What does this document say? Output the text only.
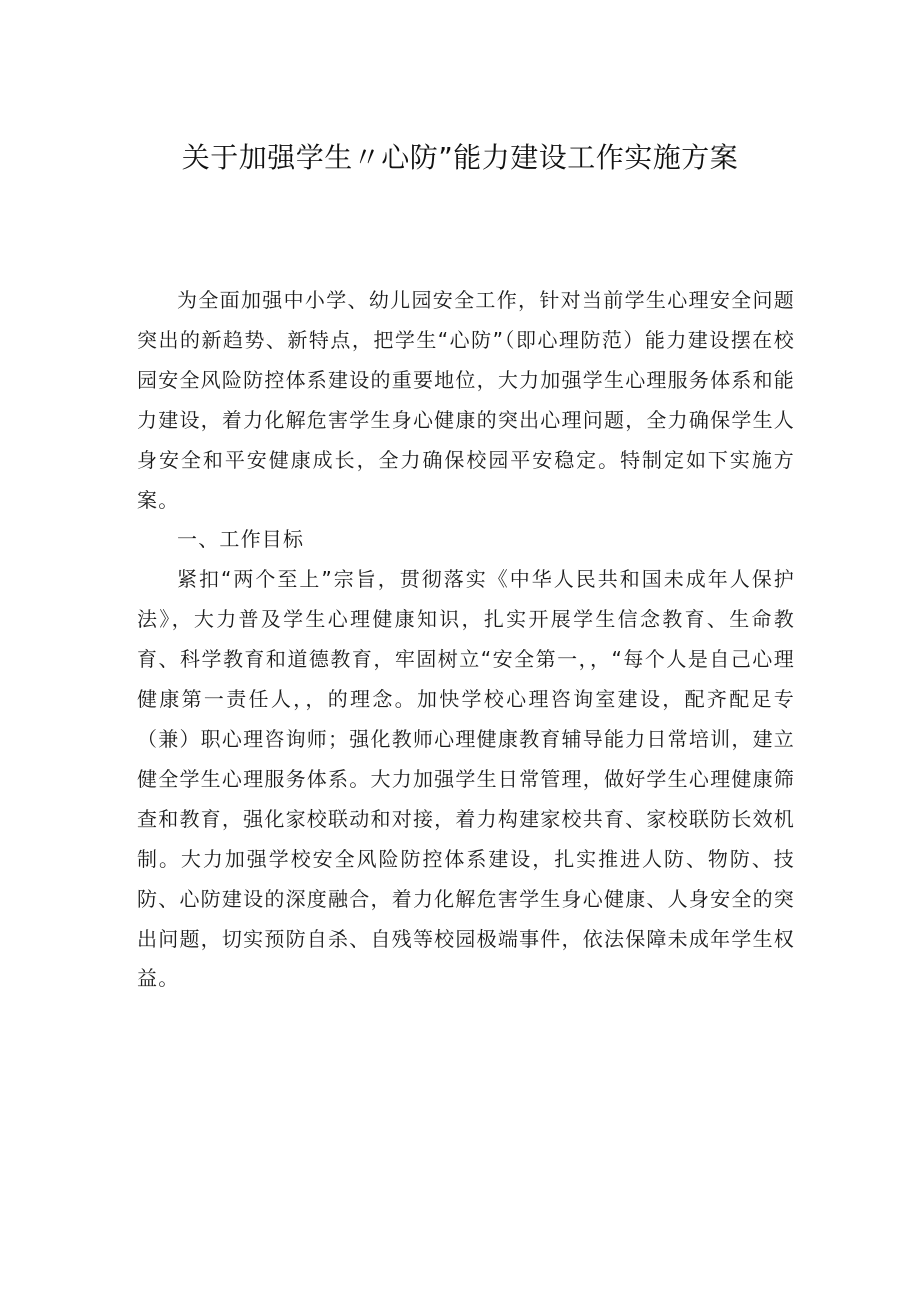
关于加强学生〃心防”能力建设工作实施方案

为全面加强中小学、幼儿园安全工作，针对当前学生心理安全问题突出的新趋势、新特点，把学生“心防”（即心理防范）能力建设摆在校园安全风险防控体系建设的重要地位，大力加强学生心理服务体系和能力建设，着力化解危害学生身心健康的突出心理问题，全力确保学生人身安全和平安健康成长，全力确保校园平安稳定。特制定如下实施方案。

一、工作目标

紧扣“两个至上”宗旨，贯彻落实《中华人民共和国未成年人保护法》，大力普及学生心理健康知识，扎实开展学生信念教育、生命教育、科学教育和道德教育，牢固树立“安全第一，，“每个人是自己心理健康第一责任人，，的理念。加快学校心理咨询室建设，配齐配足专（兼）职心理咨询师；强化教师心理健康教育辅导能力日常培训，建立健全学生心理服务体系。大力加强学生日常管理，做好学生心理健康筛查和教育，强化家校联动和对接，着力构建家校共育、家校联防长效机制。大力加强学校安全风险防控体系建设，扎实推进人防、物防、技防、心防建设的深度融合，着力化解危害学生身心健康、人身安全的突出问题，切实预防自杀、自残等校园极端事件，依法保障未成年学生权益。
